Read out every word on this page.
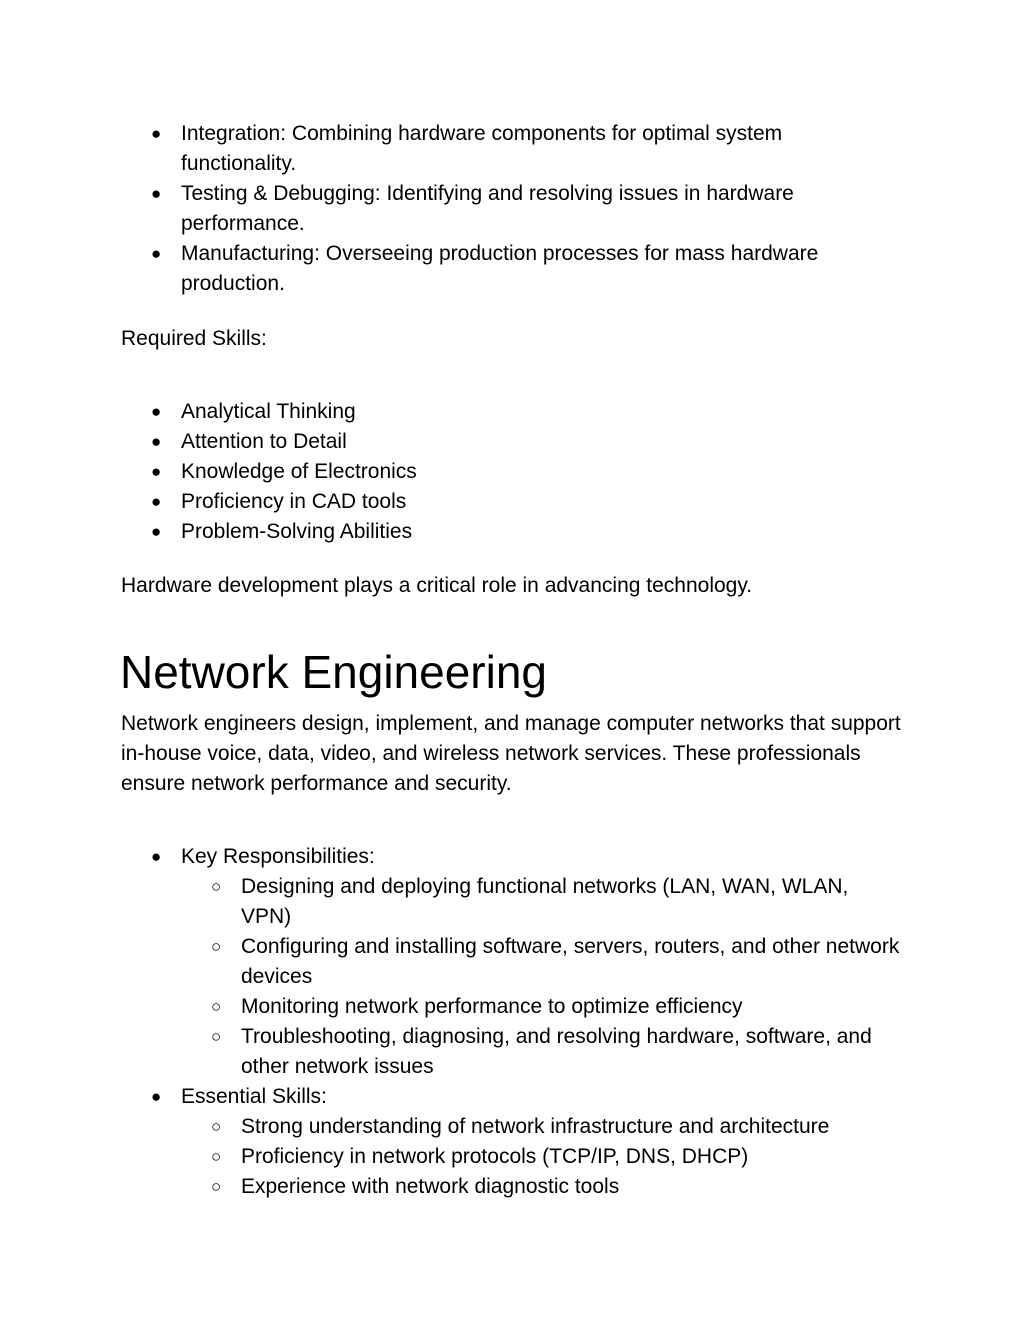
● Integration: Combining hardware components for optimal system functionality.
● Testing & Debugging: Identifying and resolving issues in hardware performance.
● Manufacturing: Overseeing production processes for mass hardware production.
Required Skills:
● Analytical Thinking
● Attention to Detail
● Knowledge of Electronics
● Proficiency in CAD tools
● Problem-Solving Abilities
Hardware development plays a critical role in advancing technology.
Network Engineering
Network engineers design, implement, and manage computer networks that support in-house voice, data, video, and wireless network services. These professionals ensure network performance and security.
● Key Responsibilities:
○ Designing and deploying functional networks (LAN, WAN, WLAN, VPN)
○ Configuring and installing software, servers, routers, and other network devices
○ Monitoring network performance to optimize efficiency
○ Troubleshooting, diagnosing, and resolving hardware, software, and other network issues
● Essential Skills:
○ Strong understanding of network infrastructure and architecture
○ Proficiency in network protocols (TCP/IP, DNS, DHCP)
○ Experience with network diagnostic tools
